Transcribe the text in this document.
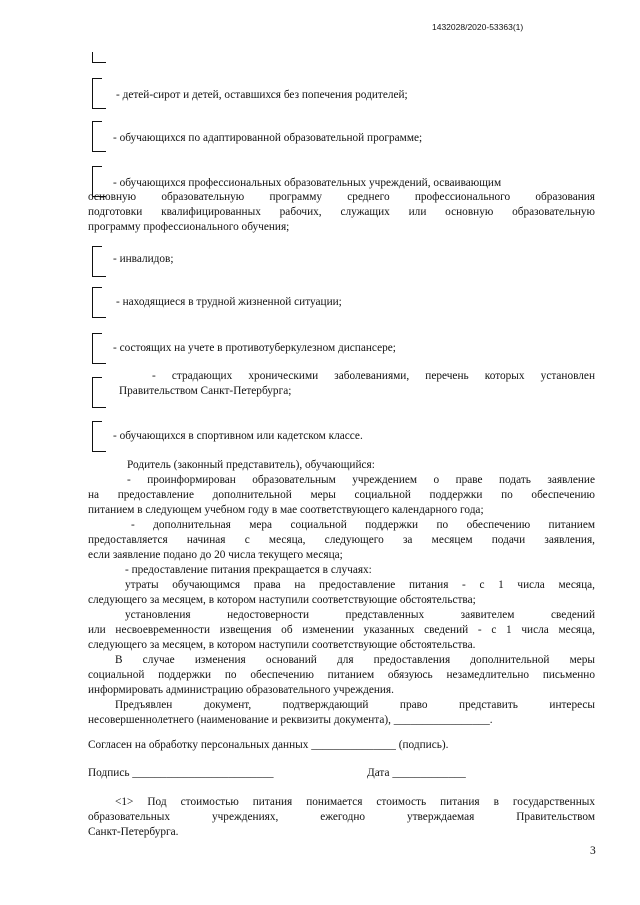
1432028/2020-53363(1)
- детей-сирот и детей, оставшихся без попечения родителей;
- обучающихся по адаптированной образовательной программе;
- обучающихся профессиональных образовательных учреждений, осваивающим
основную образовательную программу среднего профессионального образования
подготовки квалифицированных рабочих, служащих или основную образовательную
программу профессионального обучения;
- инвалидов;
- находящиеся в трудной жизненной ситуации;
- состоящих на учете в противотуберкулезном диспансере;
- страдающих хроническими заболеваниями, перечень которых установлен
Правительством Санкт-Петербурга;
- обучающихся в спортивном или кадетском классе.
Родитель (законный представитель), обучающийся:
- проинформирован образовательным учреждением о праве подать заявление
на предоставление дополнительной меры социальной поддержки по обеспечению
питанием в следующем учебном году в мае соответствующего календарного года;
- дополнительная мера социальной поддержки по обеспечению питанием
предоставляется начиная с месяца, следующего за месяцем подачи заявления,
если заявление подано до 20 числа текущего месяца;
- предоставление питания прекращается в случаях:
утраты обучающимся права на предоставление питания - с 1 числа месяца,
следующего за месяцем, в котором наступили соответствующие обстоятельства;
установления недостоверности представленных заявителем сведений
или несвоевременности извещения об изменении указанных сведений - с 1 числа месяца,
следующего за месяцем, в котором наступили соответствующие обстоятельства.
В случае изменения оснований для предоставления дополнительной меры
социальной поддержки по обеспечению питанием обязуюсь незамедлительно письменно
информировать администрацию образовательного учреждения.
Предъявлен документ, подтверждающий право представить интересы
несовершеннолетнего (наименование и реквизиты документа), _________________.
Согласен на обработку персональных данных _______________ (подпись).
Подпись _________________________	Дата _____________
<1> Под стоимостью питания понимается стоимость питания в государственных
образовательных учреждениях, ежегодно утверждаемая Правительством
Санкт-Петербурга.
3
